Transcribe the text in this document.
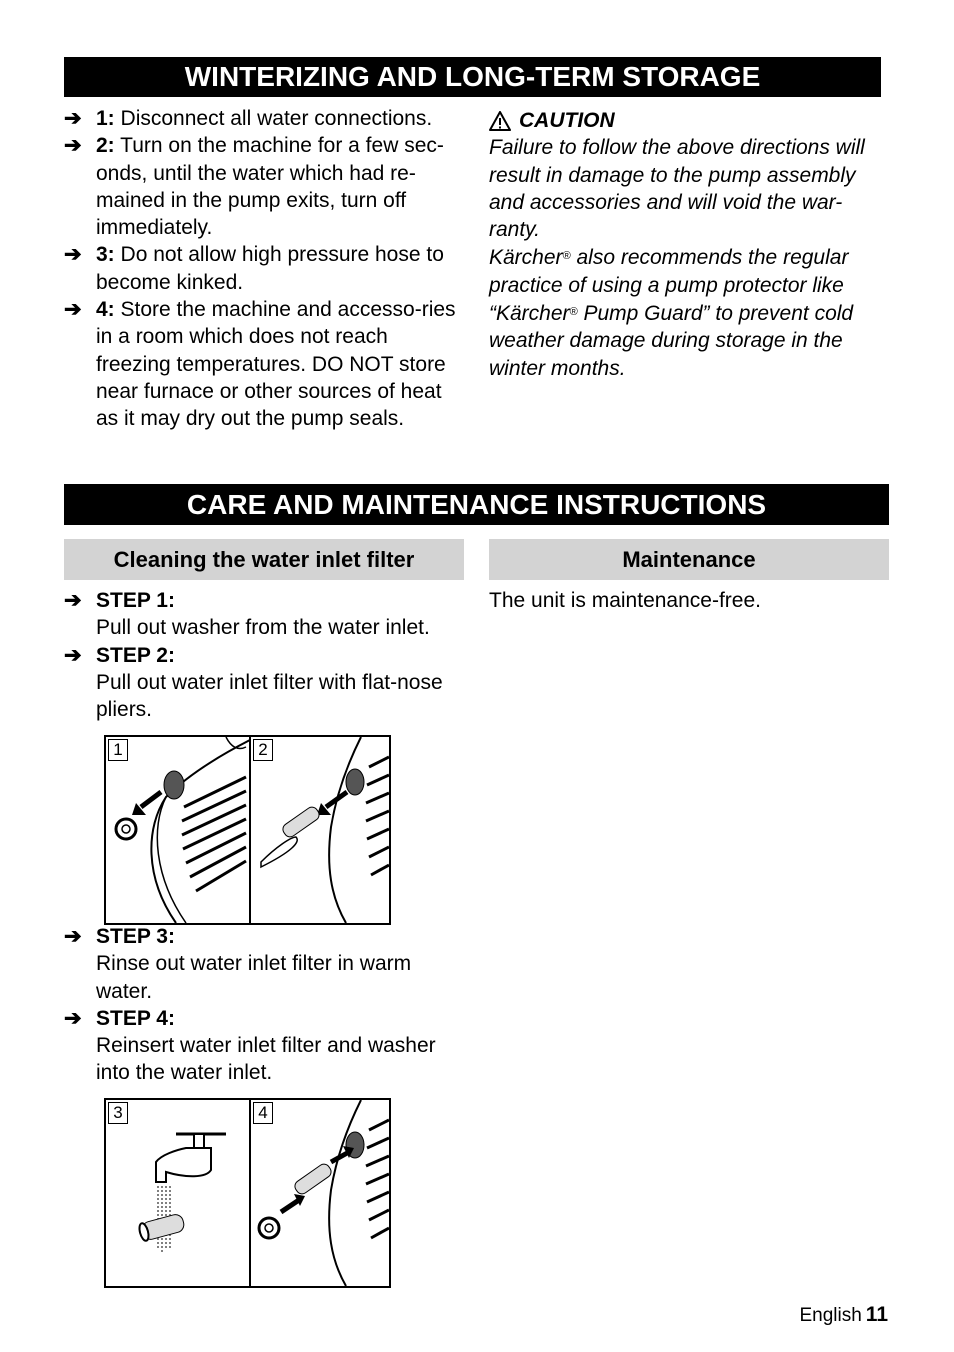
WINTERIZING AND LONG-TERM STORAGE
➔ 1: Disconnect all water connections.
➔ 2: Turn on the machine for a few sec-onds, until the water which had re-mained in the pump exits, turn off immediately.
➔ 3: Do not allow high pressure hose to become kinked.
➔ 4: Store the machine and accesso-ries in a room which does not reach freezing temperatures. DO NOT store near furnace or other sources of heat as it may dry out the pump seals.
CAUTION
Failure to follow the above directions will result in damage to the pump assembly and accessories and will void the war-ranty.
Kärcher® also recommends the regular practice of using a pump protector like “Kärcher® Pump Guard” to prevent cold weather damage during storage in the winter months.
CARE AND MAINTENANCE INSTRUCTIONS
Cleaning the water inlet filter	Maintenance
➔ STEP 1:
Pull out washer from the water inlet.
➔ STEP 2:
Pull out water inlet filter with flat-nose pliers.
1	2
➔ STEP 3:
Rinse out water inlet filter in warm water.
➔ STEP 4:
Reinsert water inlet filter and washer into the water inlet.
3	4
The unit is maintenance-free.
English 11
